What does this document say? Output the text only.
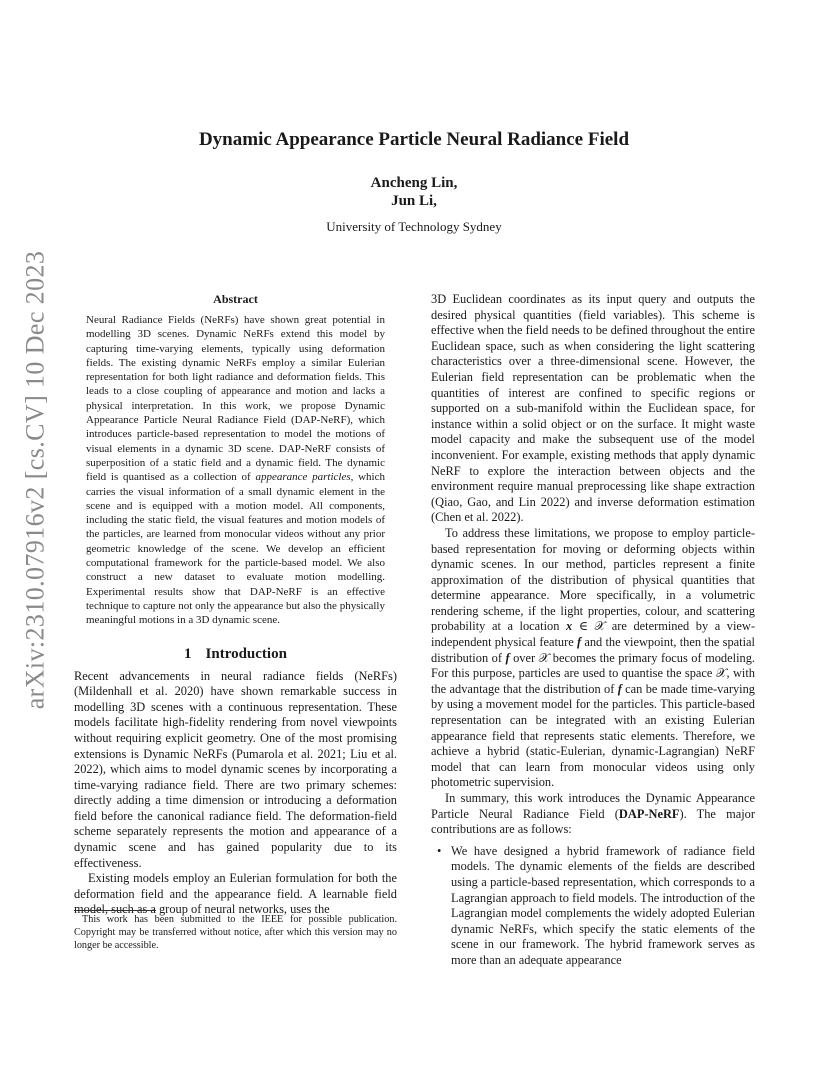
arXiv:2310.07916v2 [cs.CV] 10 Dec 2023
Dynamic Appearance Particle Neural Radiance Field
Ancheng Lin,
Jun Li,
University of Technology Sydney
Abstract

Neural Radiance Fields (NeRFs) have shown great potential in modelling 3D scenes. Dynamic NeRFs extend this model by capturing time-varying elements, typically using deformation fields. The existing dynamic NeRFs employ a similar Eulerian representation for both light radiance and deformation fields. This leads to a close coupling of appearance and motion and lacks a physical interpretation. In this work, we propose Dynamic Appearance Particle Neural Radiance Field (DAP-NeRF), which introduces particle-based representation to model the motions of visual elements in a dynamic 3D scene. DAP-NeRF consists of superposition of a static field and a dynamic field. The dynamic field is quantised as a collection of appearance particles, which carries the visual information of a small dynamic element in the scene and is equipped with a motion model. All components, including the static field, the visual features and motion models of the particles, are learned from monocular videos without any prior geometric knowledge of the scene. We develop an efficient computational framework for the particle-based model. We also construct a new dataset to evaluate motion modelling. Experimental results show that DAP-NeRF is an effective technique to capture not only the appearance but also the physically meaningful motions in a 3D dynamic scene.

1 Introduction

Recent advancements in neural radiance fields (NeRFs) (Mildenhall et al. 2020) have shown remarkable success in modelling 3D scenes with a continuous representation. These models facilitate high-fidelity rendering from novel viewpoints without requiring explicit geometry. One of the most promising extensions is Dynamic NeRFs (Pumarola et al. 2021; Liu et al. 2022), which aims to model dynamic scenes by incorporating a time-varying radiance field. There are two primary schemes: directly adding a time dimension or introducing a deformation field before the canonical radiance field. The deformation-field scheme separately represents the motion and appearance of a dynamic scene and has gained popularity due to its effectiveness.

Existing models employ an Eulerian formulation for both the deformation field and the appearance field. A learnable field model, such as a group of neural networks, uses the

This work has been submitted to the IEEE for possible publication. Copyright may be transferred without notice, after which this version may no longer be accessible.

3D Euclidean coordinates as its input query and outputs the desired physical quantities (field variables). This scheme is effective when the field needs to be defined throughout the entire Euclidean space, such as when considering the light scattering characteristics over a three-dimensional scene. However, the Eulerian field representation can be problematic when the quantities of interest are confined to specific regions or supported on a sub-manifold within the Euclidean space, for instance within a solid object or on the surface. It might waste model capacity and make the subsequent use of the model inconvenient. For example, existing methods that apply dynamic NeRF to explore the interaction between objects and the environment require manual preprocessing like shape extraction (Qiao, Gao, and Lin 2022) and inverse deformation estimation (Chen et al. 2022).

To address these limitations, we propose to employ particle-based representation for moving or deforming objects within dynamic scenes. In our method, particles represent a finite approximation of the distribution of physical quantities that determine appearance. More specifically, in a volumetric rendering scheme, if the light properties, colour, and scattering probability at a location x ∈ 𝒳 are determined by a view-independent physical feature f and the viewpoint, then the spatial distribution of f over 𝒳 becomes the primary focus of modeling. For this purpose, particles are used to quantise the space 𝒳, with the advantage that the distribution of f can be made time-varying by using a movement model for the particles. This particle-based representation can be integrated with an existing Eulerian appearance field that represents static elements. Therefore, we achieve a hybrid (static-Eulerian, dynamic-Lagrangian) NeRF model that can learn from monocular videos using only photometric supervision.

In summary, this work introduces the Dynamic Appearance Particle Neural Radiance Field (DAP-NeRF). The major contributions are as follows:

• We have designed a hybrid framework of radiance field models. The dynamic elements of the fields are described using a particle-based representation, which corresponds to a Lagrangian approach to field models. The introduction of the Lagrangian model complements the widely adopted Eulerian dynamic NeRFs, which specify the static elements of the scene in our framework. The hybrid framework serves as more than an adequate appearance
